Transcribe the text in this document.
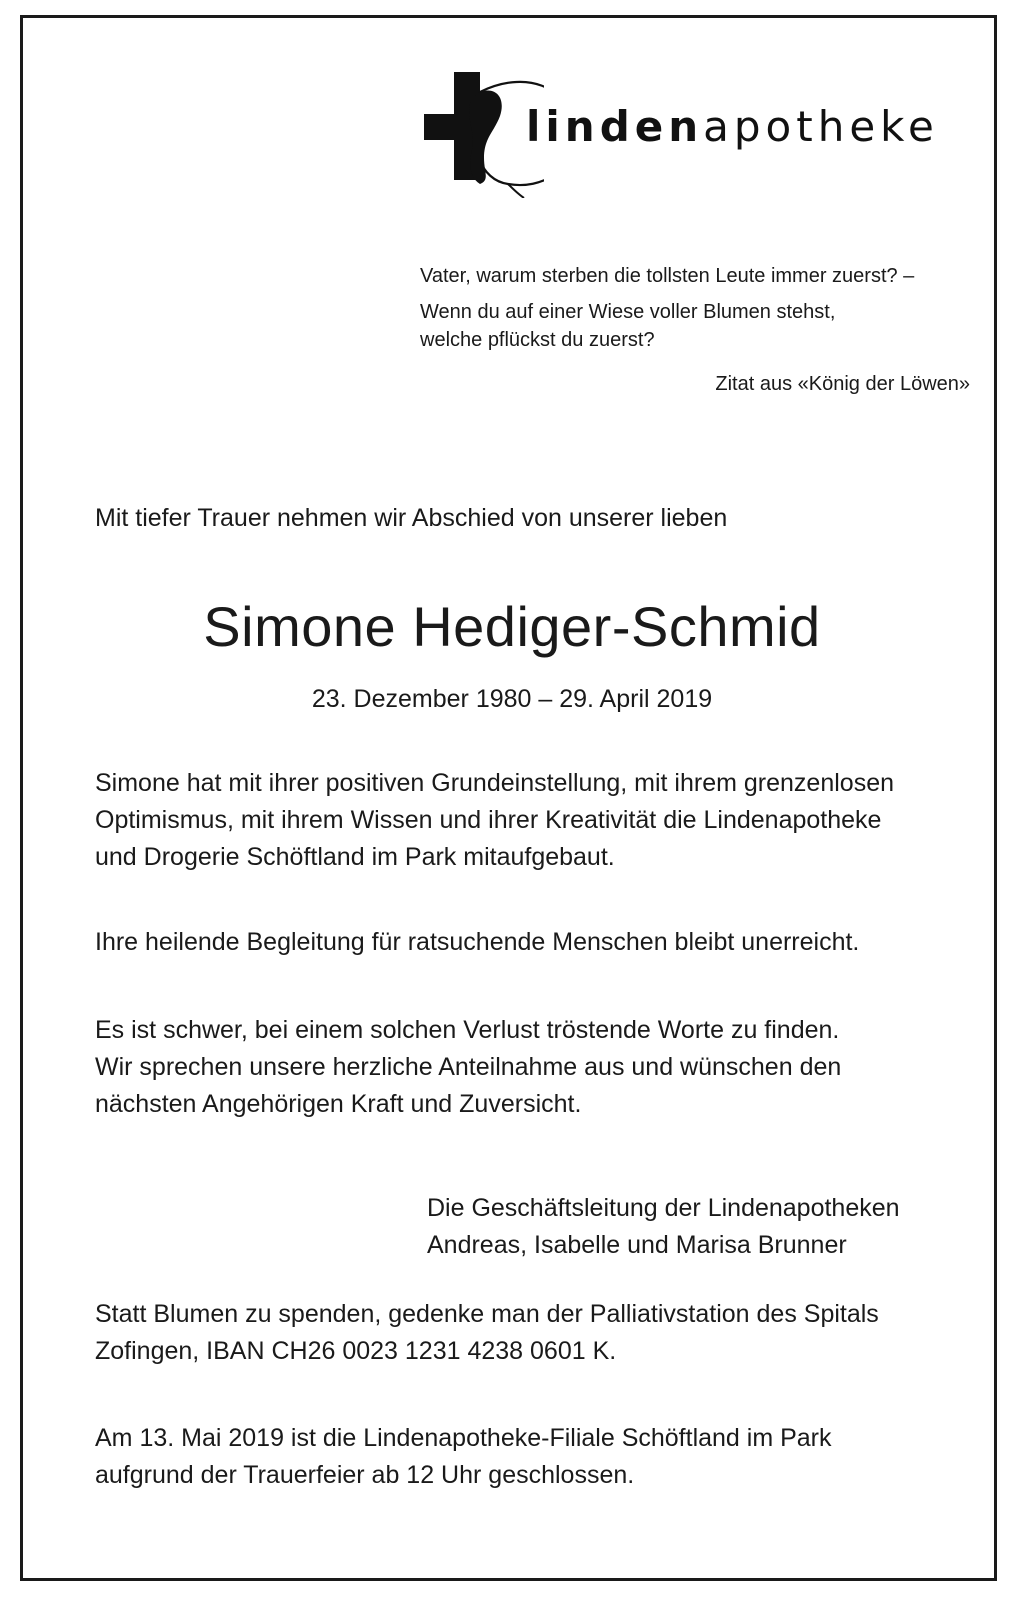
lindenapotheke

Vater, warum sterben die tollsten Leute immer zuerst? –

Wenn du auf einer Wiese voller Blumen stehst,

welche pflückst du zuerst?

Zitat aus «König der Löwen»

Mit tiefer Trauer nehmen wir Abschied von unserer lieben

Simone Hediger-Schmid
23. Dezember 1980 – 29. April 2019

Simone hat mit ihrer positiven Grundeinstellung, mit ihrem grenzenlosen

Optimismus, mit ihrem Wissen und ihrer Kreativität die Lindenapotheke

und Drogerie Schöftland im Park mitaufgebaut.

Ihre heilende Begleitung für ratsuchende Menschen bleibt unerreicht.

Es ist schwer, bei einem solchen Verlust tröstende Worte zu finden.

Wir sprechen unsere herzliche Anteilnahme aus und wünschen den

nächsten Angehörigen Kraft und Zuversicht.

Die Geschäftsleitung der Lindenapotheken

Andreas, Isabelle und Marisa Brunner

Statt Blumen zu spenden, gedenke man der Palliativstation des Spitals

Zofingen, IBAN CH26 0023 1231 4238 0601 K.

Am 13. Mai 2019 ist die Lindenapotheke-Filiale Schöftland im Park

aufgrund der Trauerfeier ab 12 Uhr geschlossen.
